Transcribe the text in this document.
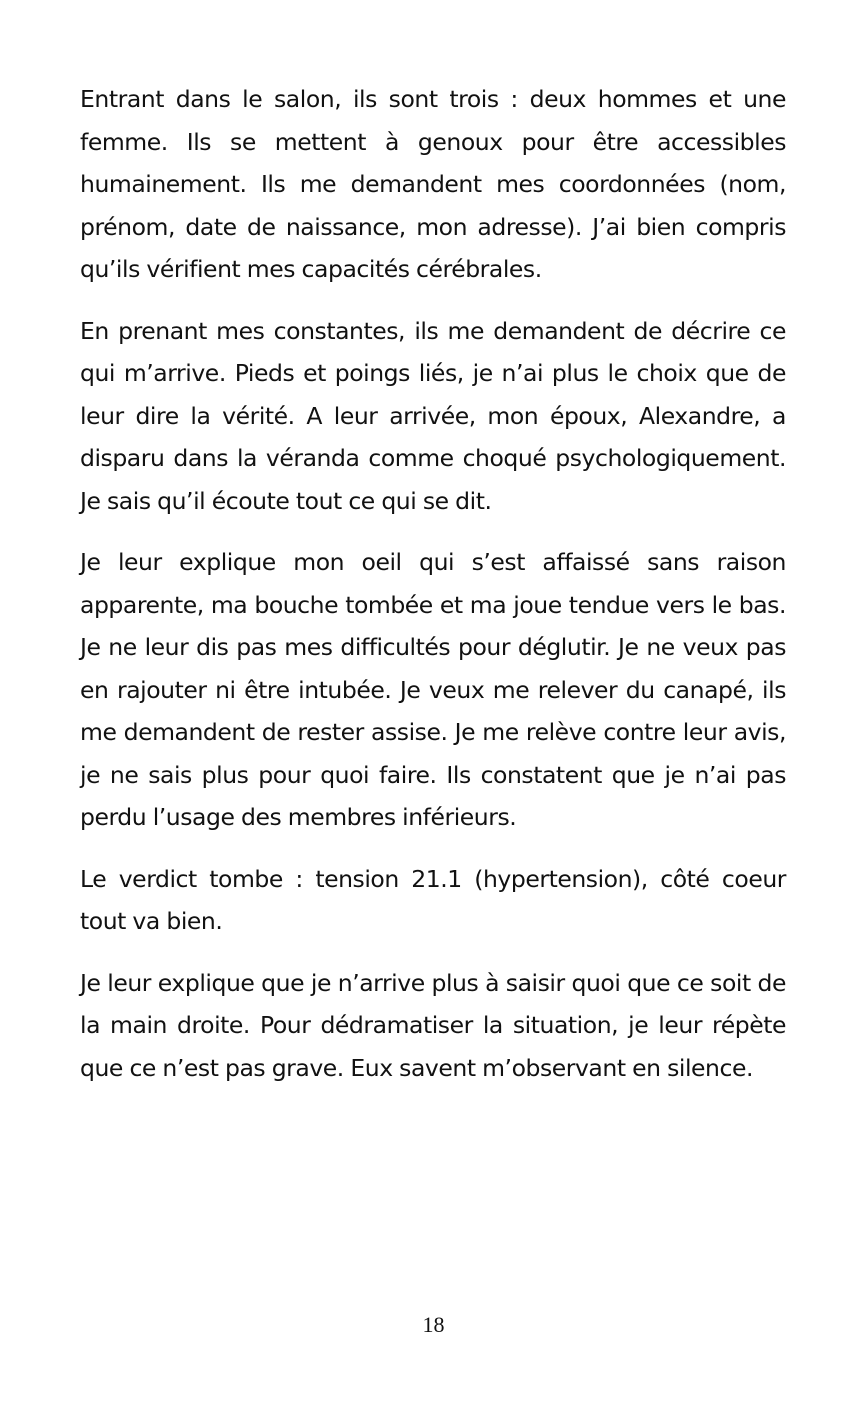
Entrant dans le salon, ils sont trois : deux hommes et une femme. Ils se mettent à genoux pour être accessibles humainement. Ils me demandent mes coordonnées (nom, prénom, date de naissance, mon adresse). J’ai bien compris qu’ils vérifient mes capacités cérébrales.

En prenant mes constantes, ils me demandent de décrire ce qui m’arrive. Pieds et poings liés, je n’ai plus le choix que de leur dire la vérité. A leur arrivée, mon époux, Alexandre, a disparu dans la véranda comme choqué psychologiquement. Je sais qu’il écoute tout ce qui se dit.

Je leur explique mon oeil qui s’est affaissé sans raison apparente, ma bouche tombée et ma joue tendue vers le bas. Je ne leur dis pas mes difficultés pour déglutir. Je ne veux pas en rajouter ni être intubée. Je veux me relever du canapé, ils me demandent de rester assise. Je me relève contre leur avis, je ne sais plus pour quoi faire. Ils constatent que je n’ai pas perdu l’usage des membres inférieurs.

Le verdict tombe : tension 21.1 (hypertension), côté coeur tout va bien.

Je leur explique que je n’arrive plus à saisir quoi que ce soit de la main droite. Pour dédramatiser la situation, je leur répète que ce n’est pas grave. Eux savent m’observant en silence.

18
